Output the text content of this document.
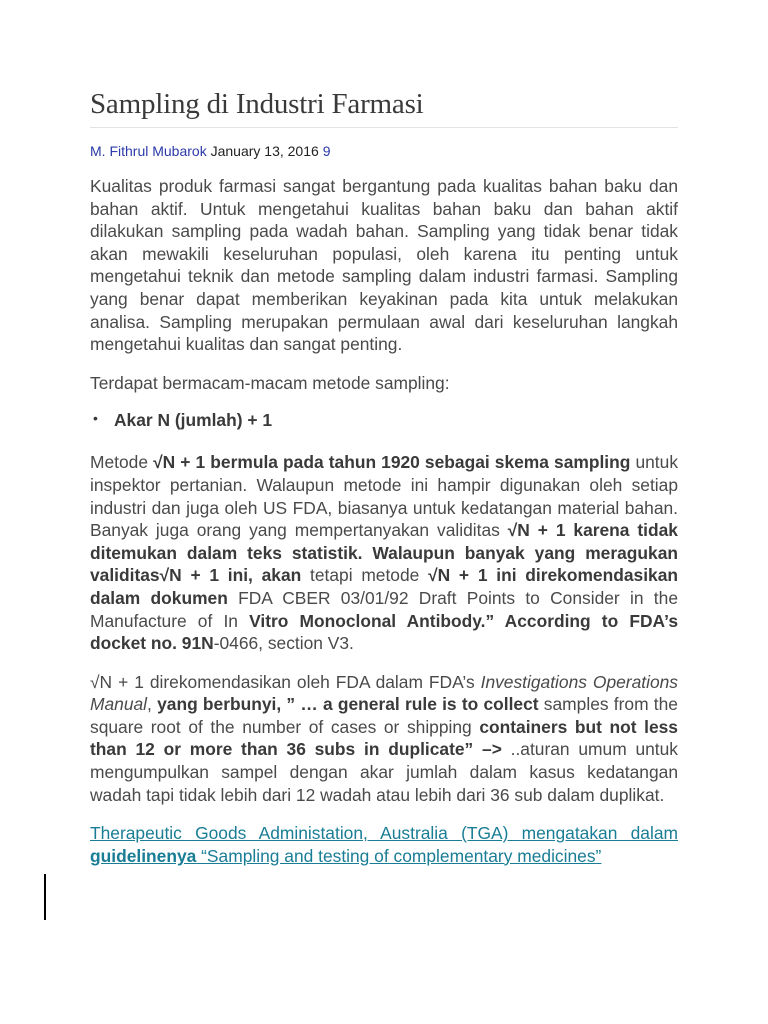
Sampling di Industri Farmasi
M. Fithrul Mubarok January 13, 2016 9

Kualitas produk farmasi sangat bergantung pada kualitas bahan baku dan bahan aktif. Untuk mengetahui kualitas bahan baku dan bahan aktif dilakukan sampling pada wadah bahan. Sampling yang tidak benar tidak akan mewakili keseluruhan populasi, oleh karena itu penting untuk mengetahui teknik dan metode sampling dalam industri farmasi. Sampling yang benar dapat memberikan keyakinan pada kita untuk melakukan analisa. Sampling merupakan permulaan awal dari keseluruhan langkah mengetahui kualitas dan sangat penting.

Terdapat bermacam-macam metode sampling:

• Akar N (jumlah) + 1

Metode √N + 1 bermula pada tahun 1920 sebagai skema sampling untuk inspektor pertanian. Walaupun metode ini hampir digunakan oleh setiap industri dan juga oleh US FDA, biasanya untuk kedatangan material bahan. Banyak juga orang yang mempertanyakan validitas √N + 1 karena tidak ditemukan dalam teks statistik. Walaupun banyak yang meragukan validitas√N + 1 ini, akan tetapi metode √N + 1 ini direkomendasikan dalam dokumen FDA CBER 03/01/92 Draft Points to Consider in the Manufacture of In Vitro Monoclonal Antibody.” According to FDA’s docket no. 91N-0466, section V3.

√N + 1 direkomendasikan oleh FDA dalam FDA’s Investigations Operations Manual, yang berbunyi, ” … a general rule is to collect samples from the square root of the number of cases or shipping containers but not less than 12 or more than 36 subs in duplicate” –> ..aturan umum untuk mengumpulkan sampel dengan akar jumlah dalam kasus kedatangan wadah tapi tidak lebih dari 12 wadah atau lebih dari 36 sub dalam duplikat.

Therapeutic Goods Administation, Australia (TGA) mengatakan dalam guidelinenya “Sampling and testing of complementary medicines”
